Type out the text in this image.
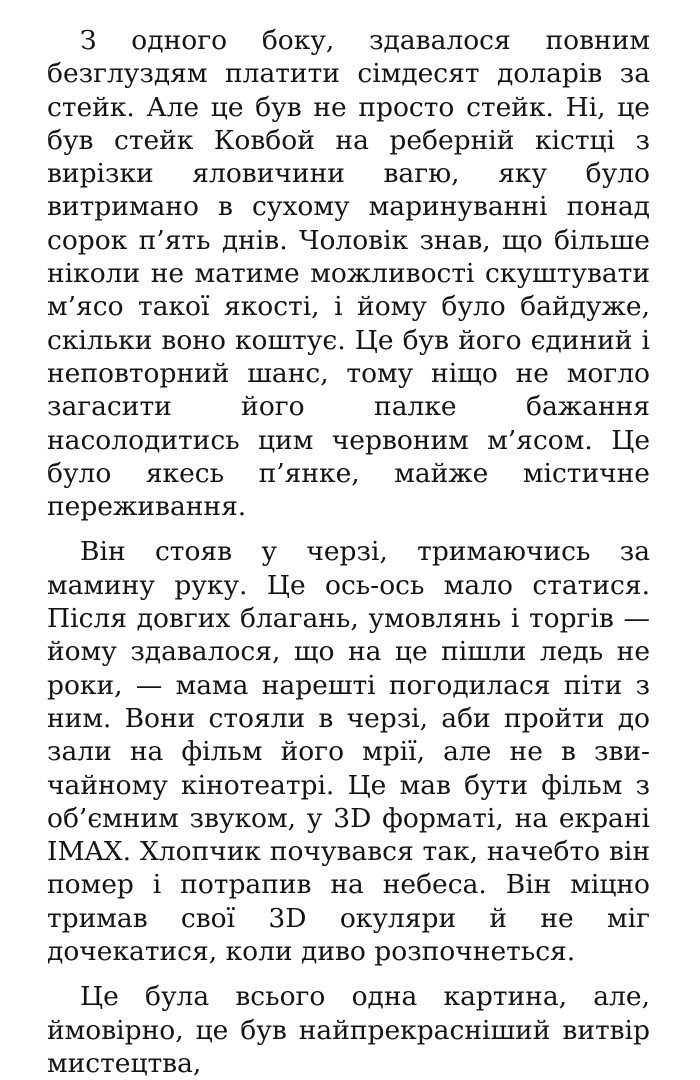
З одного боку, здавалося повним безглуздям платити сімдесят доларів за стейк. Але це був не просто стейк. Ні, це був стейк Ковбой на реберній кістці з вирізки яловичини вагю, яку було витримано в сухому маринуванні понад сорок п’ять днів. Чоловік знав, що більше ніколи не матиме можливості скуштувати м’ясо такої якості, і йому було байдуже, скільки воно коштує. Це був його єдиний і неповторний шанс, тому ніщо не могло загасити його палке бажання насолодитись цим червоним м’ясом. Це було якесь п’янке, майже містичне переживання.

Він стояв у черзі, тримаючись за мамину руку. Це ось-ось мало статися. Після довгих благань, умовлянь і торгів — йому здавалося, що на це пішли ледь не роки, — мама нарешті погодилася піти з ним. Вони стояли в черзі, аби пройти до зали на фільм його мрії, але не в звичайному кінотеатрі. Це мав бути фільм з об’ємним звуком, у 3D форматі, на екрані IMAX. Хлопчик почувався так, начебто він помер і потрапив на небеса. Він міцно тримав свої 3D окуляри й не міг дочекатися, коли диво розпочнеться.

Це була всього одна картина, але, ймовірно, це був найпрекрасніший витвір мистецтва,
